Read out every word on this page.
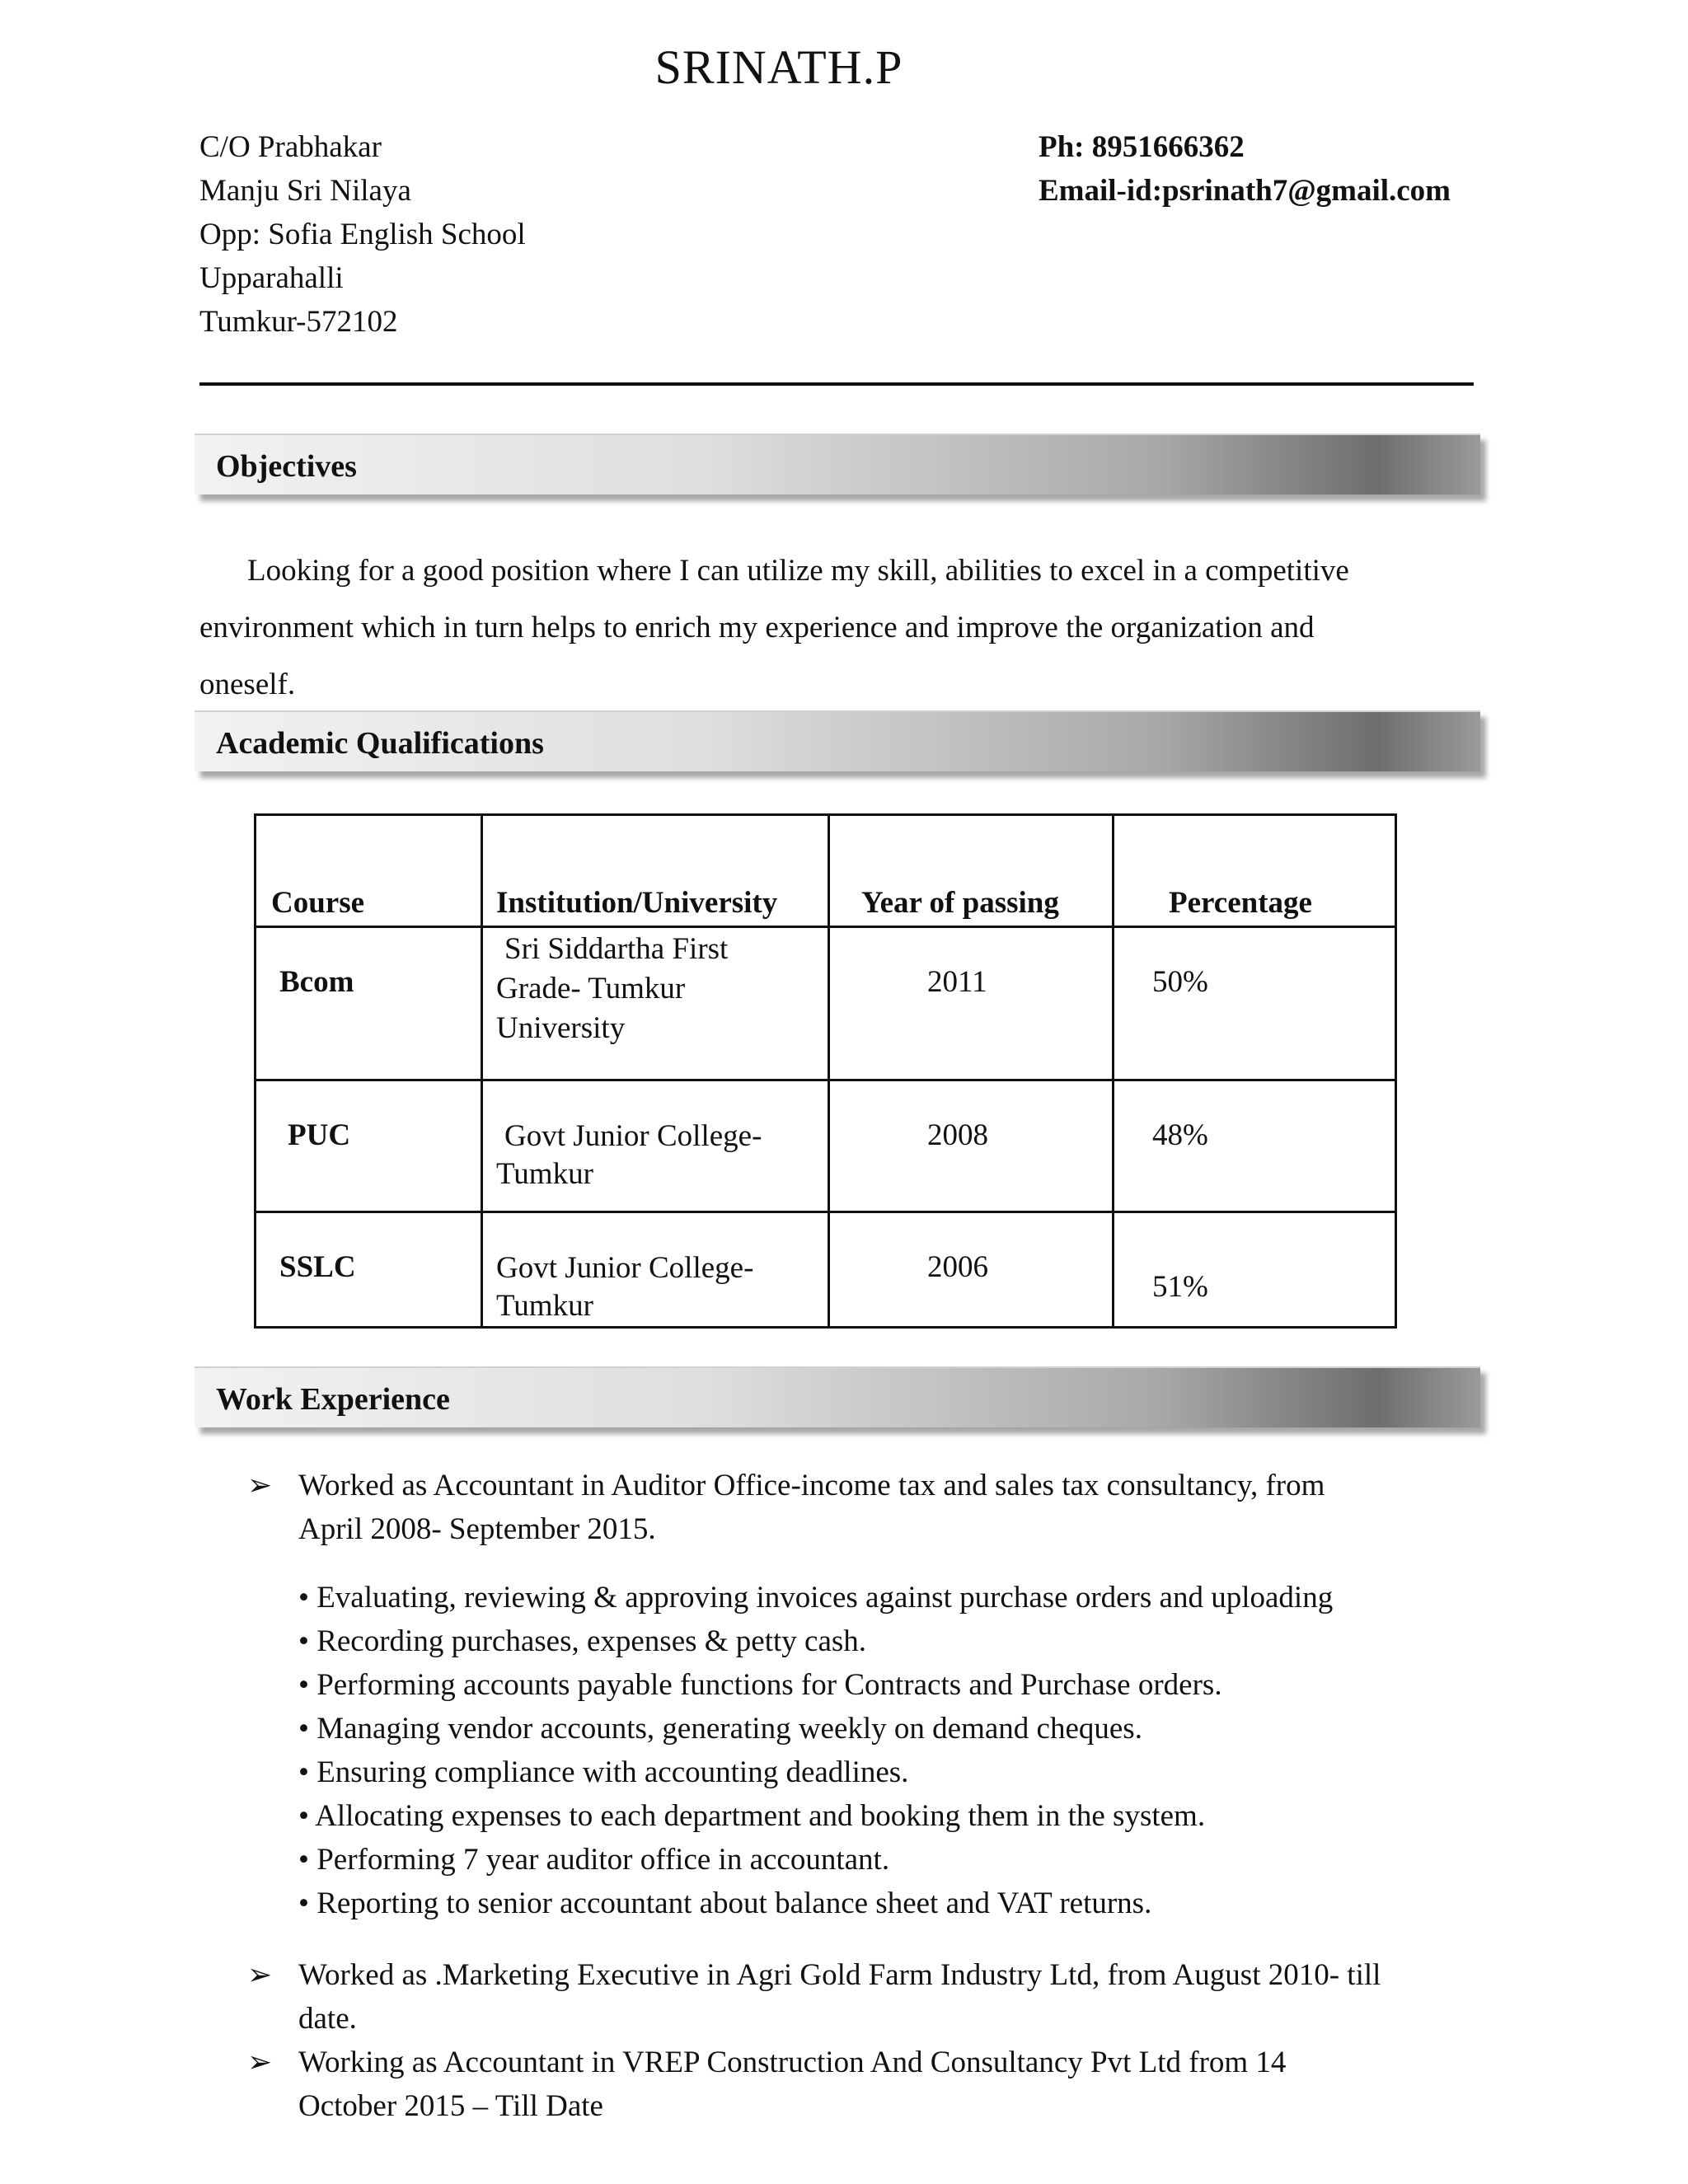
SRINATH.P
C/O Prabhakar
Manju Sri Nilaya
Opp: Sofia English School
Upparahalli
Tumkur-572102
Ph: 8951666362
Email-id:psrinath7@gmail.com
Objectives
Looking for a good position where I can utilize my skill, abilities to excel in a competitive
environment which in turn helps to enrich my experience and improve the organization and
oneself.
Academic Qualifications
Course	Institution/University	Year of passing	Percentage

Bcom	Sri Siddartha First
Grade- Tumkur
University	2011	50%

PUC	Govt Junior College-
Tumkur	2008	48%

SSLC	Govt Junior College-
Tumkur	2006	51%
Work Experience
➢ Worked as Accountant in Auditor Office-income tax and sales tax consultancy, from
April 2008- September 2015.
• Evaluating, reviewing & approving invoices against purchase orders and uploading
• Recording purchases, expenses & petty cash.
• Performing accounts payable functions for Contracts and Purchase orders.
• Managing vendor accounts, generating weekly on demand cheques.
• Ensuring compliance with accounting deadlines.
• Allocating expenses to each department and booking them in the system.
• Performing 7 year auditor office in accountant.
• Reporting to senior accountant about balance sheet and VAT returns.
➢ Worked as .Marketing Executive in Agri Gold Farm Industry Ltd, from August 2010- till
date.
➢ Working as Accountant in VREP Construction And Consultancy Pvt Ltd from 14
October 2015 – Till Date
